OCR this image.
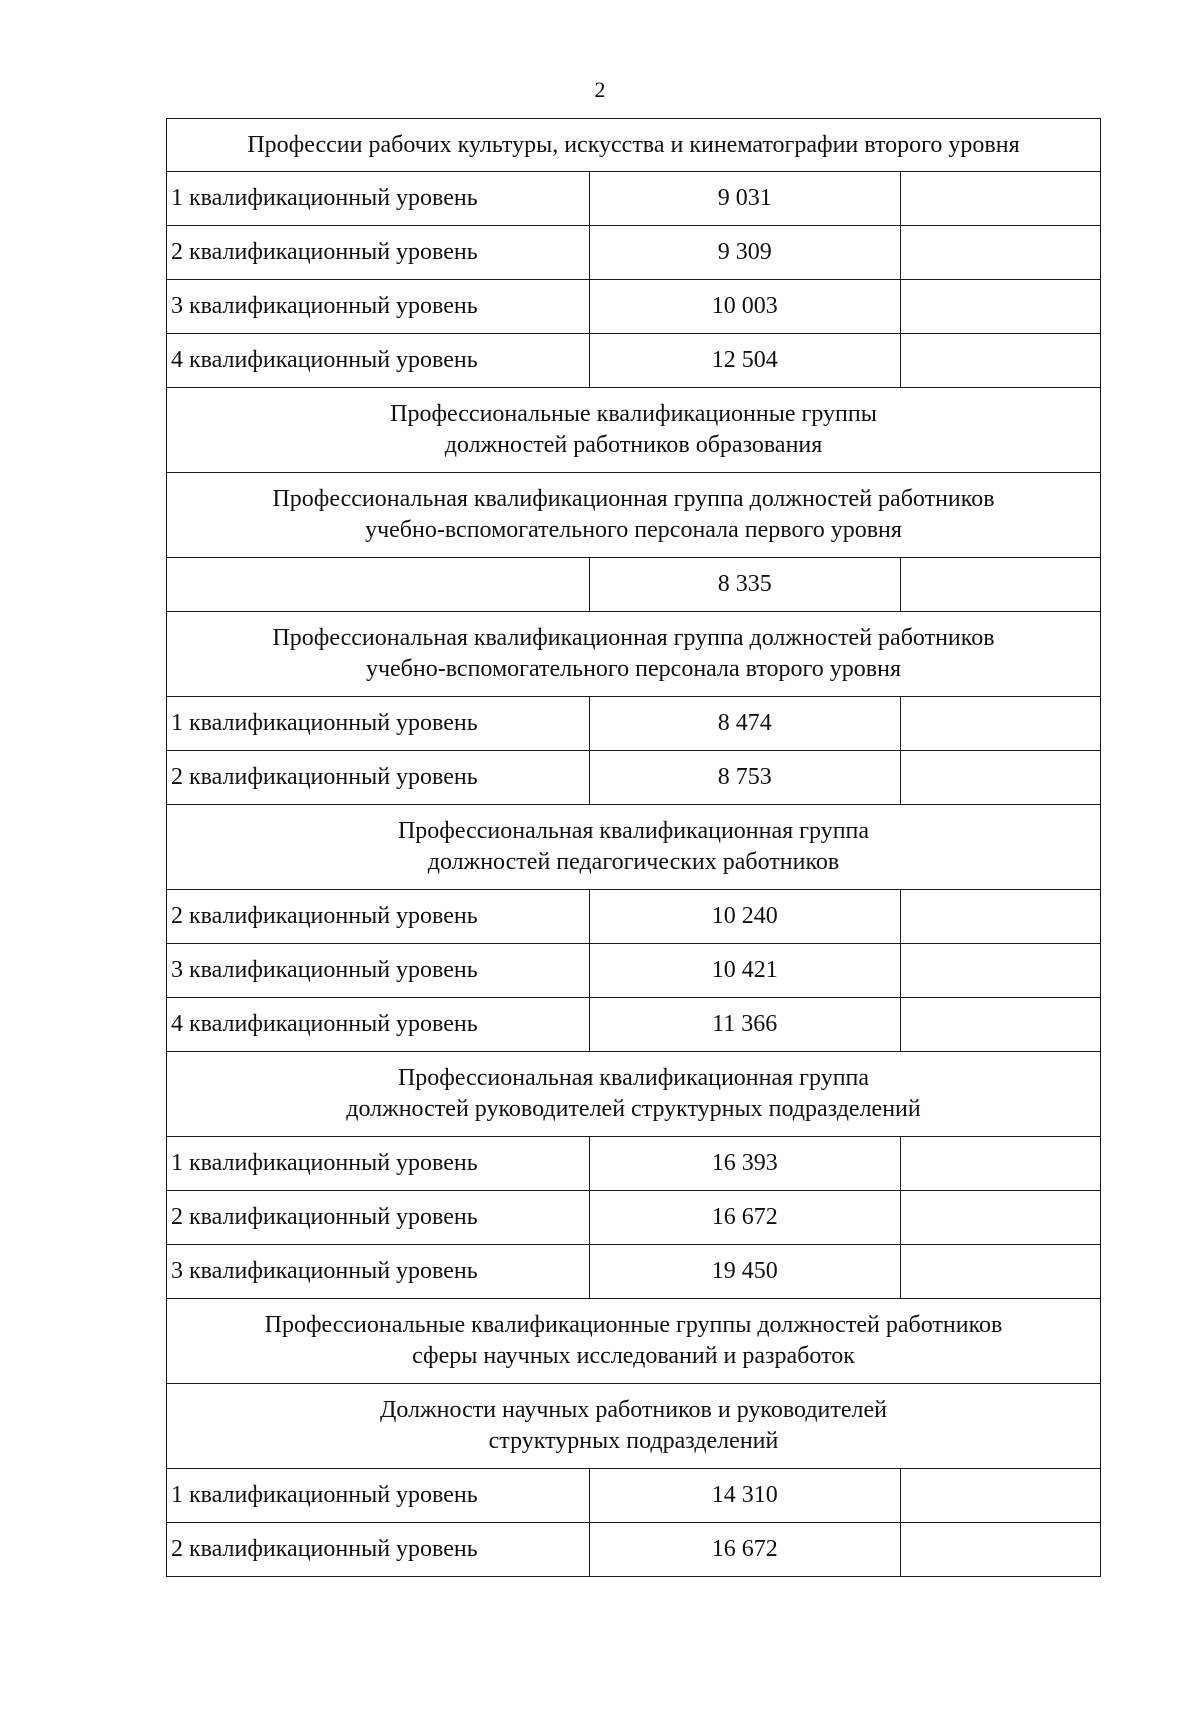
2
Профессии рабочих культуры, искусства и кинематографии второго уровня		

1 квалификационный уровень	9 031	
2 квалификационный уровень	9 309	
3 квалификационный уровень	10 003	
4 квалификационный уровень	12 504	

Профессиональные квалификационные группы
должностей работников образования		

Профессиональная квалификационная группа должностей работников
учебно-вспомогательного персонала первого уровня		

	8 335	

Профессиональная квалификационная группа должностей работников
учебно-вспомогательного персонала второго уровня		

1 квалификационный уровень	8 474	
2 квалификационный уровень	8 753	

Профессиональная квалификационная группа
должностей педагогических работников		

2 квалификационный уровень	10 240	
3 квалификационный уровень	10 421	
4 квалификационный уровень	11 366	

Профессиональная квалификационная группа
должностей руководителей структурных подразделений		

1 квалификационный уровень	16 393	
2 квалификационный уровень	16 672	
3 квалификационный уровень	19 450	

Профессиональные квалификационные группы должностей работников
сферы научных исследований и разработок		

Должности научных работников и руководителей
структурных подразделений		

1 квалификационный уровень	14 310	
2 квалификационный уровень	16 672	
